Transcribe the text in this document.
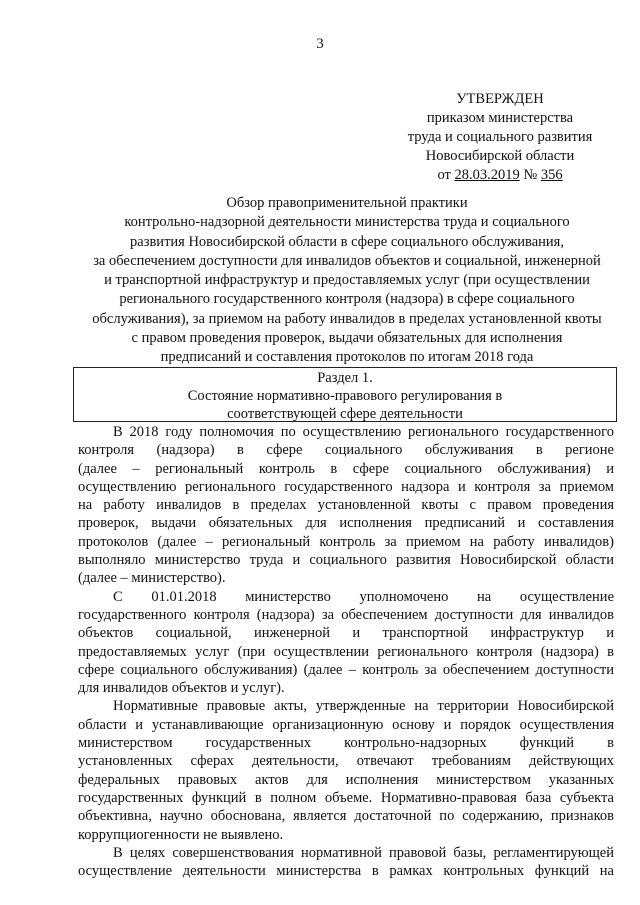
3
УТВЕРЖДЕН
приказом министерства
труда и социального развития
Новосибирской области
от 28.03.2019 № 356
Обзор правоприменительной практики
контрольно-надзорной деятельности министерства труда и социального
развития Новосибирской области в сфере социального обслуживания,
за обеспечением доступности для инвалидов объектов и социальной, инженерной
и транспортной инфраструктур и предоставляемых услуг (при осуществлении
регионального государственного контроля (надзора) в сфере социального
обслуживания), за приемом на работу инвалидов в пределах установленной квоты
с правом проведения проверок, выдачи обязательных для исполнения
предписаний и составления протоколов по итогам 2018 года
Раздел 1.
Состояние нормативно-правового регулирования в
соответствующей сфере деятельности

В 2018 году полномочия по осуществлению регионального государственного
контроля (надзора) в сфере социального обслуживания в регионе
(далее – региональный контроль в сфере социального обслуживания) и
осуществлению регионального государственного надзора и контроля за приемом
на работу инвалидов в пределах установленной квоты с правом проведения
проверок, выдачи обязательных для исполнения предписаний и составления
протоколов (далее – региональный контроль за приемом на работу инвалидов)
выполняло министерство труда и социального развития Новосибирской области
(далее – министерство).

С 01.01.2018 министерство уполномочено на осуществление
государственного контроля (надзора) за обеспечением доступности для инвалидов
объектов социальной, инженерной и транспортной инфраструктур и
предоставляемых услуг (при осуществлении регионального контроля (надзора) в
сфере социального обслуживания) (далее – контроль за обеспечением доступности
для инвалидов объектов и услуг).

Нормативные правовые акты, утвержденные на территории Новосибирской
области и устанавливающие организационную основу и порядок осуществления
министерством государственных контрольно-надзорных функций в
установленных сферах деятельности, отвечают требованиям действующих
федеральных правовых актов для исполнения министерством указанных
государственных функций в полном объеме. Нормативно-правовая база субъекта
объективна, научно обоснована, является достаточной по содержанию, признаков
коррупциогенности не выявлено.

В целях совершенствования нормативной правовой базы, регламентирующей
осуществление деятельности министерства в рамках контрольных функций на
